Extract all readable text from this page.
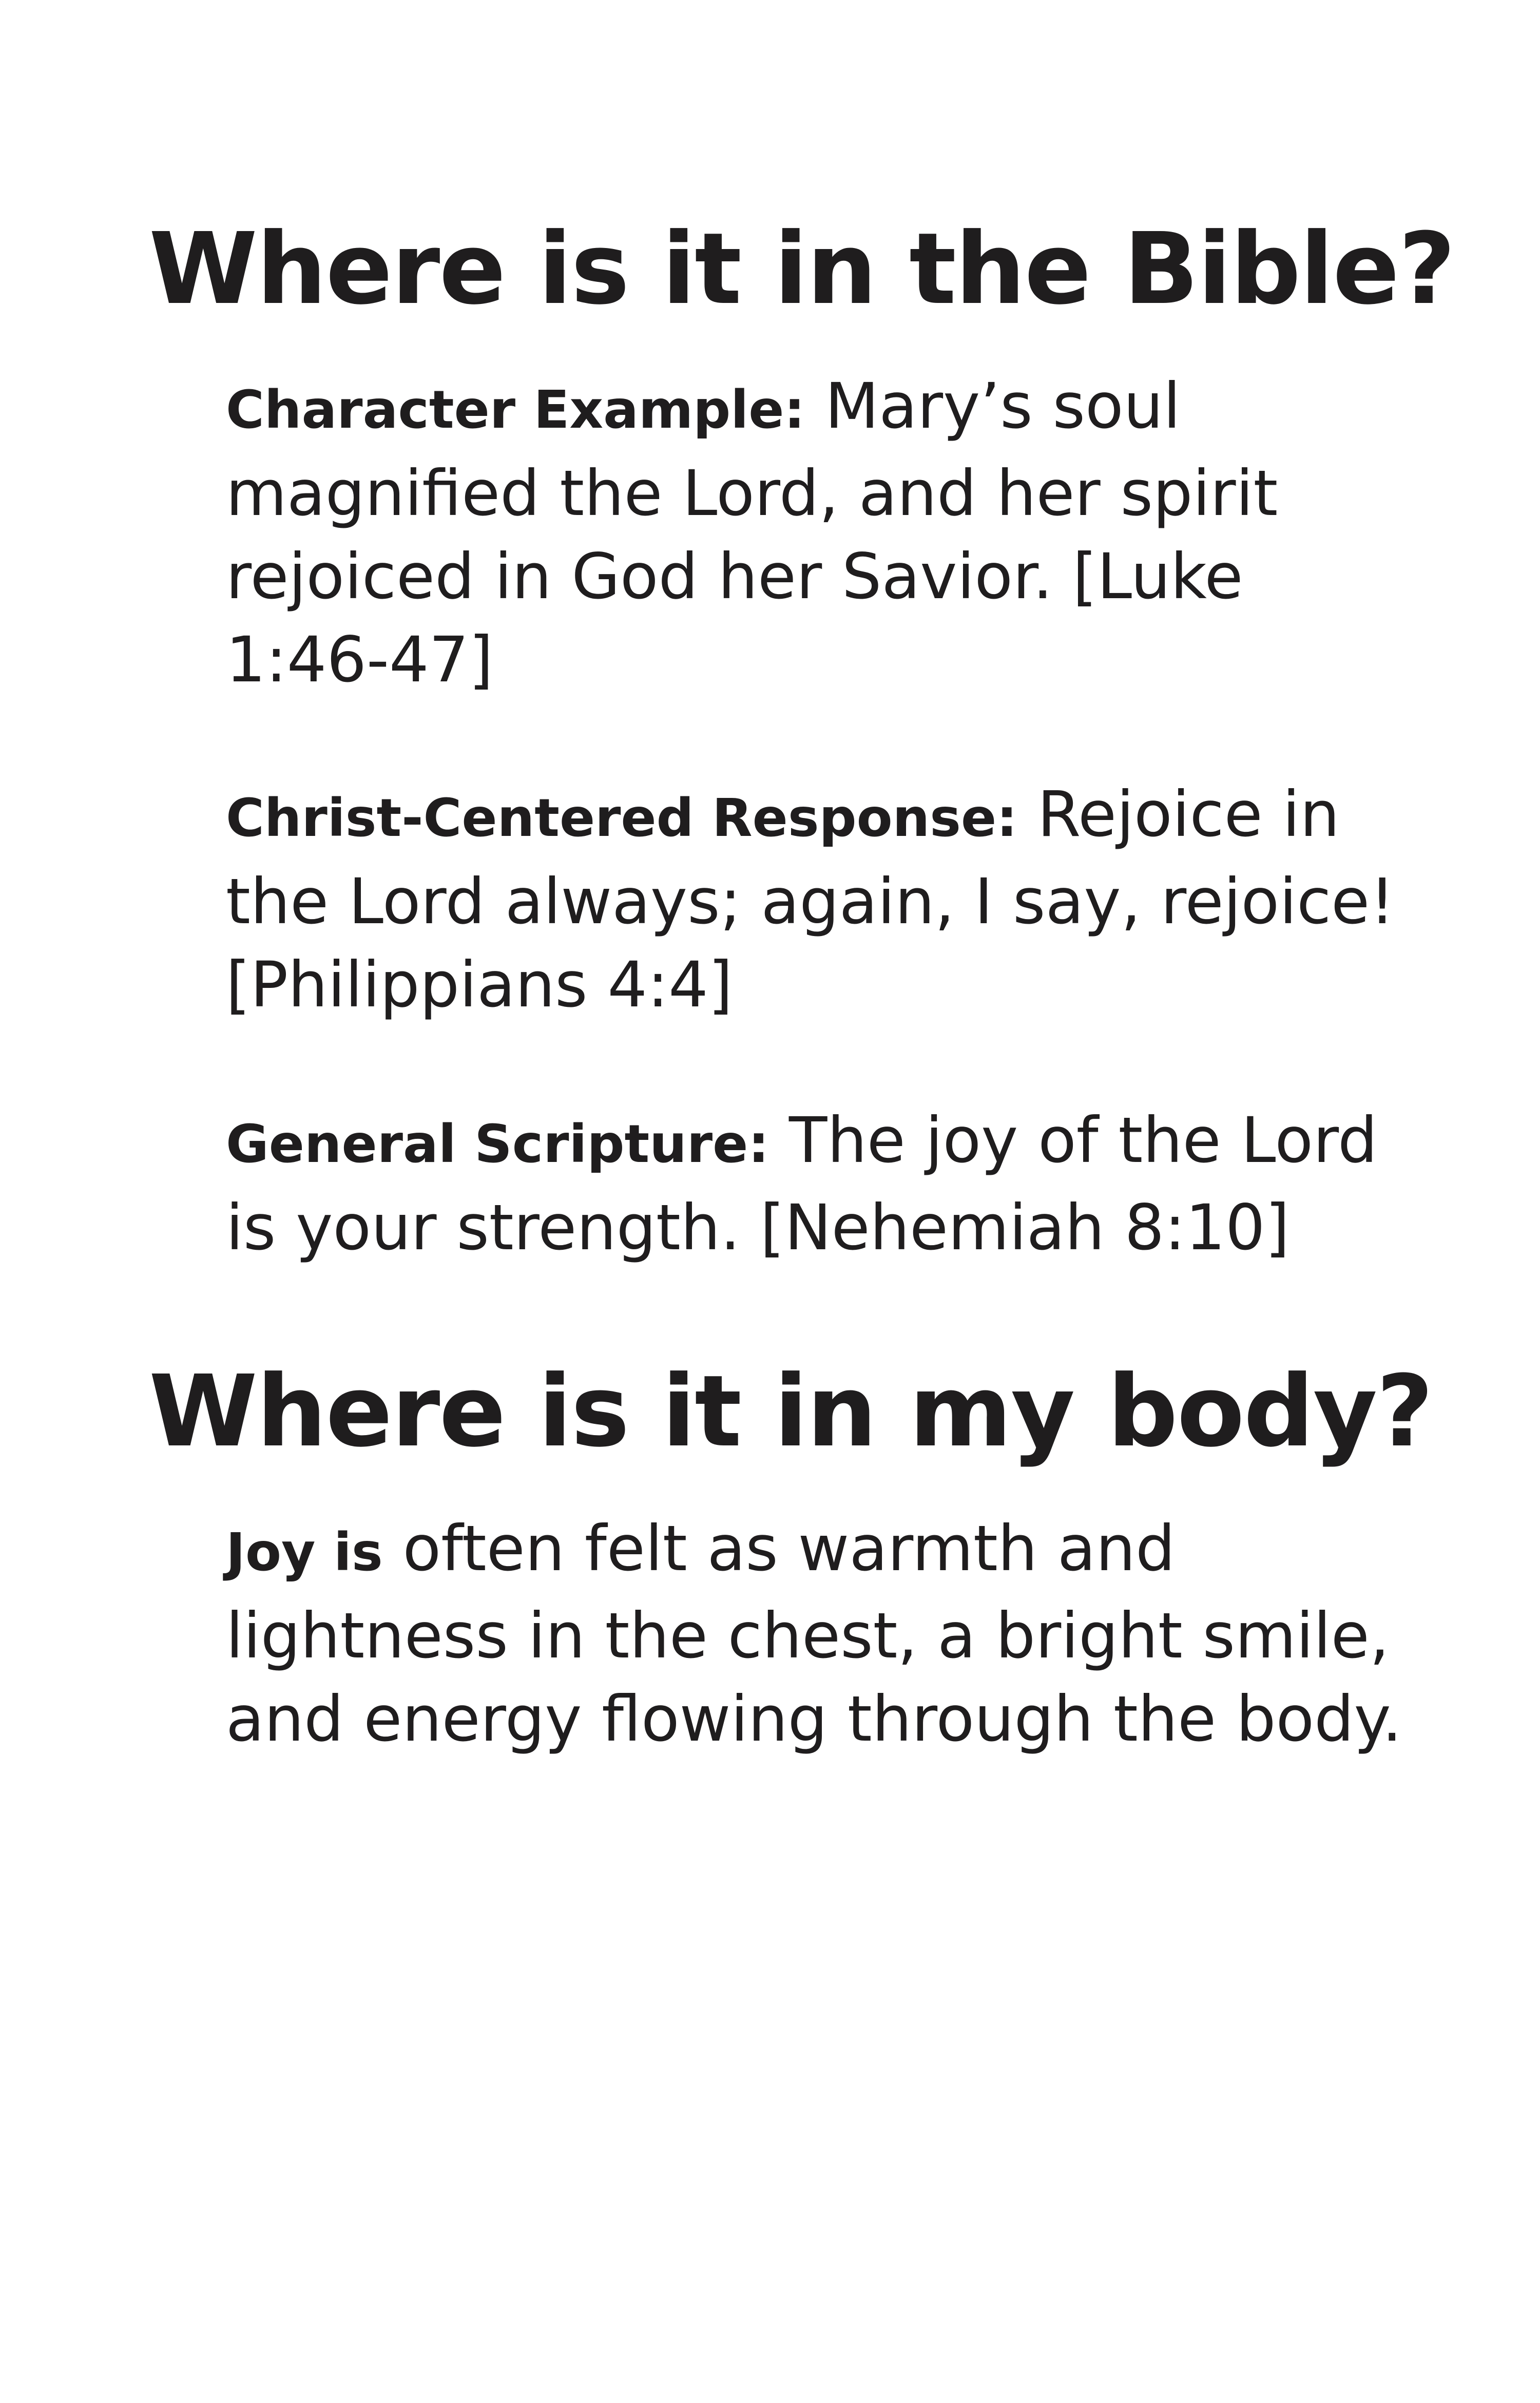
Where is it in the Bible?

Character Example: Mary’s soul magnified the Lord, and her spirit rejoiced in God her Savior. [Luke 1:46-47]

Christ-Centered Response: Rejoice in the Lord always; again, I say, rejoice! [Philippians 4:4]

General Scripture: The joy of the Lord is your strength. [Nehemiah 8:10]

Where is it in my body?

Joy is often felt as warmth and lightness in the chest, a bright smile, and energy flowing through the body.
